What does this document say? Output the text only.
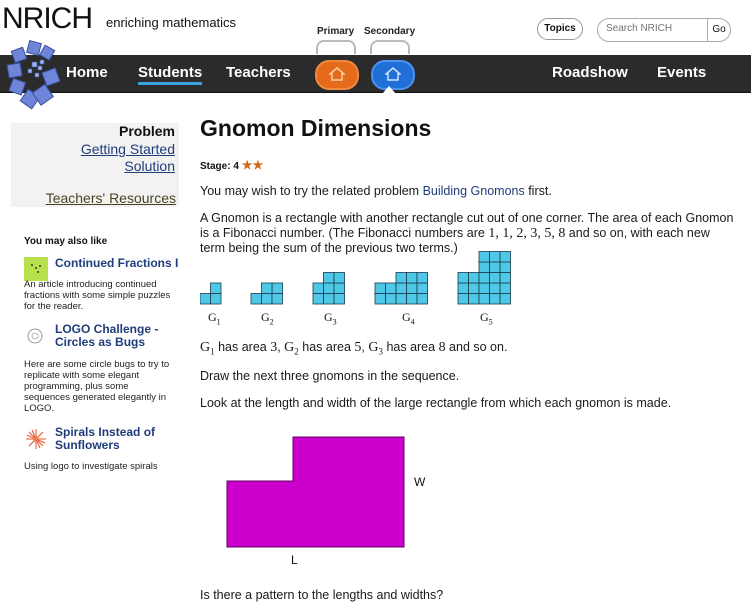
NRICH enriching mathematics
Primary Secondary	Topics
Search NRICH	Go
Home Students Teachers	Roadshow Events
Problem
Getting Started
Solution
Teachers' Resources
You may also like
Continued Fractions I
An article introducing continued fractions with some simple puzzles for the reader.
LOGO Challenge - Circles as Bugs
Here are some circle bugs to try to replicate with some elegant programming, plus some sequences generated elegantly in LOGO.
Spirals Instead of Sunflowers
Using logo to investigate spirals
Gnomon Dimensions
Stage: 4 ★★
You may wish to try the related problem Building Gnomons first.
A Gnomon is a rectangle with another rectangle cut out of one corner. The area of each Gnomon is a Fibonacci number. (The Fibonacci numbers are 1, 1, 2, 3, 5, 8 and so on, with each new term being the sum of the previous two terms.)
$G_1$	$G_2$	$G_3$	$G_4$	$G_5$
$G_1$ has area 3, $G_2$ has area 5, $G_3$ has area 8 and so on.
Draw the next three gnomons in the sequence.
Look at the length and width of the large rectangle from which each gnomon is made.
W
L
Is there a pattern to the lengths and widths?
